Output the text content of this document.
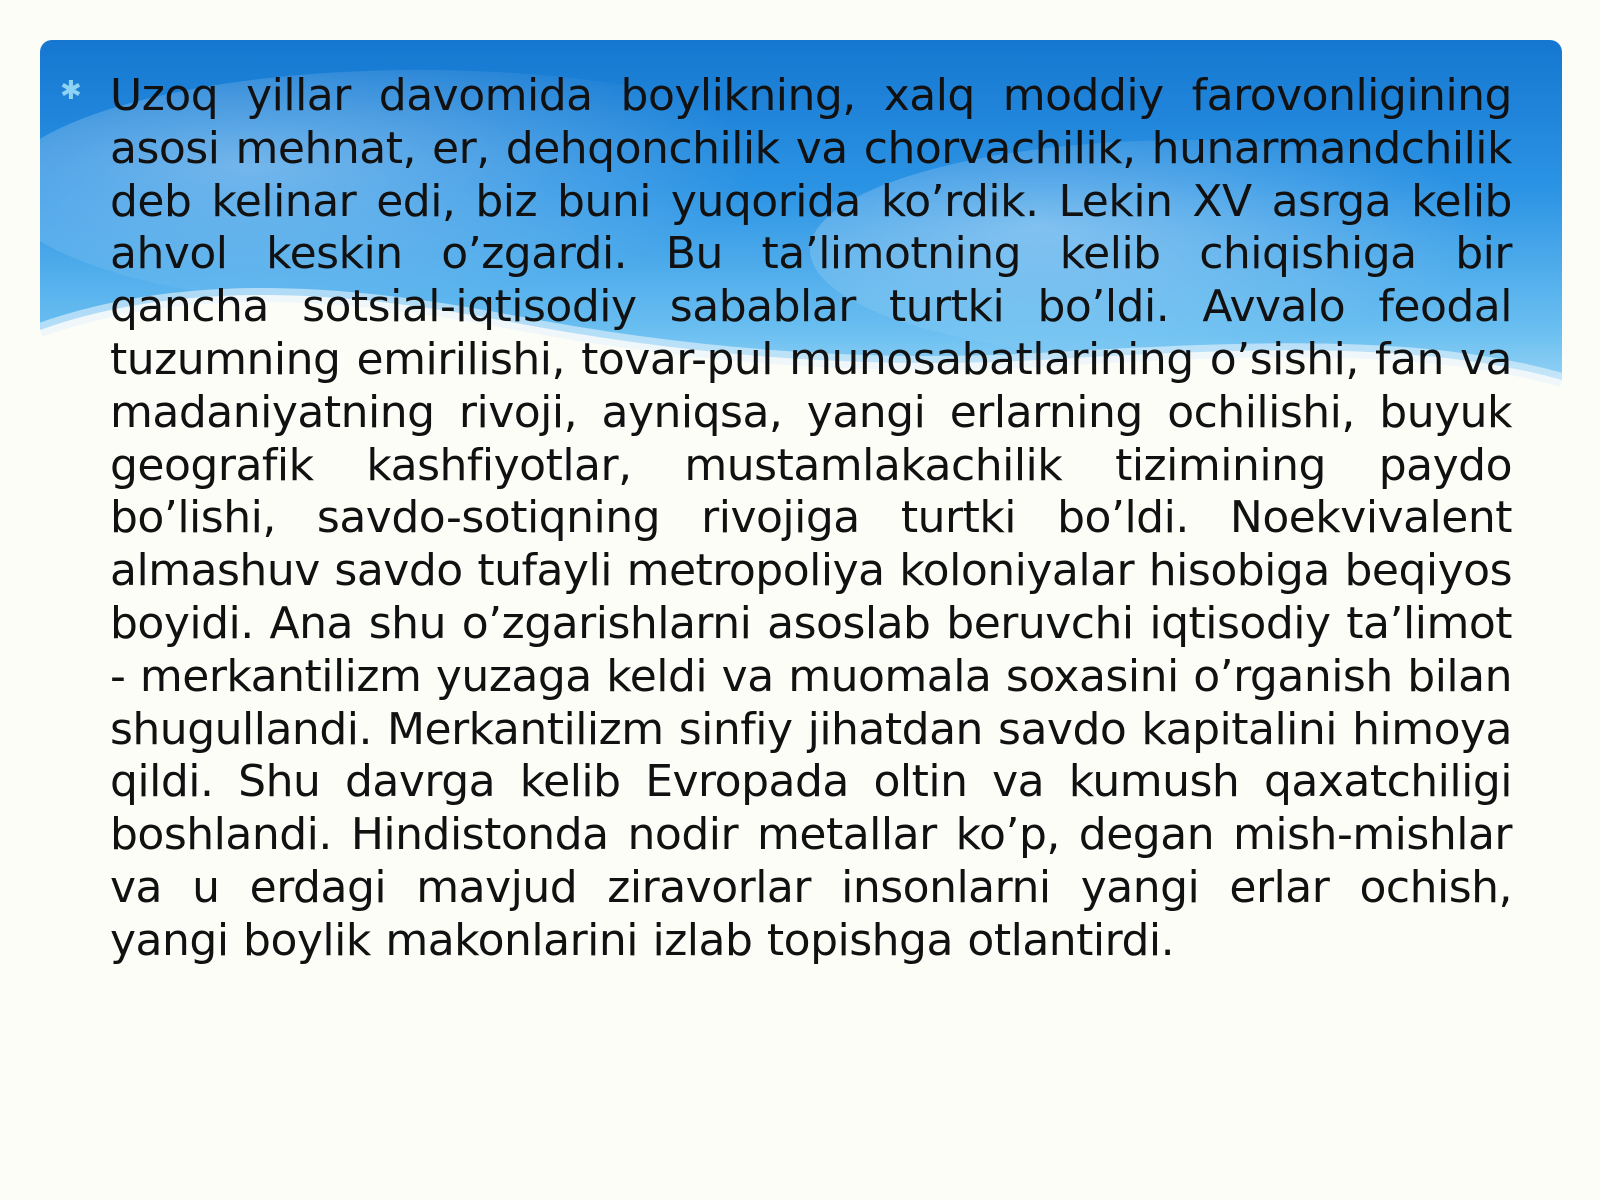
✱ Uzoq yillar davomida boylikning, xalq moddiy farovonligining asosi mehnat, er, dehqonchilik va chorvachilik, hunarmandchilik deb kelinar edi, biz buni yuqorida ko’rdik. Lekin XV asrga kelib ahvol keskin o’zgardi. Bu ta’limotning kelib chiqishiga bir qancha sotsial-iqtisodiy sabablar turtki bo’ldi. Avvalo feodal tuzumning emirilishi, tovar-pul munosabatlarining o’sishi, fan va madaniyatning rivoji, ayniqsa, yangi erlarning ochilishi, buyuk geografik kashfiyotlar, mustamlakachilik tizimining paydo bo’lishi, savdo-sotiqning rivojiga turtki bo’ldi. Noekvivalent almashuv savdo tufayli metropoliya koloniyalar hisobiga beqiyos boyidi. Ana shu o’zgarishlarni asoslab beruvchi iqtisodiy ta’limot - merkantilizm yuzaga keldi va muomala soxasini o’rganish bilan shugullandi. Merkantilizm sinfiy jihatdan savdo kapitalini himoya qildi. Shu davrga kelib Evropada oltin va kumush qaxatchiligi boshlandi. Hindistonda nodir metallar ko’p, degan mish-mishlar va u erdagi mavjud ziravorlar insonlarni yangi erlar ochish, yangi boylik makonlarini izlab topishga otlantirdi.
